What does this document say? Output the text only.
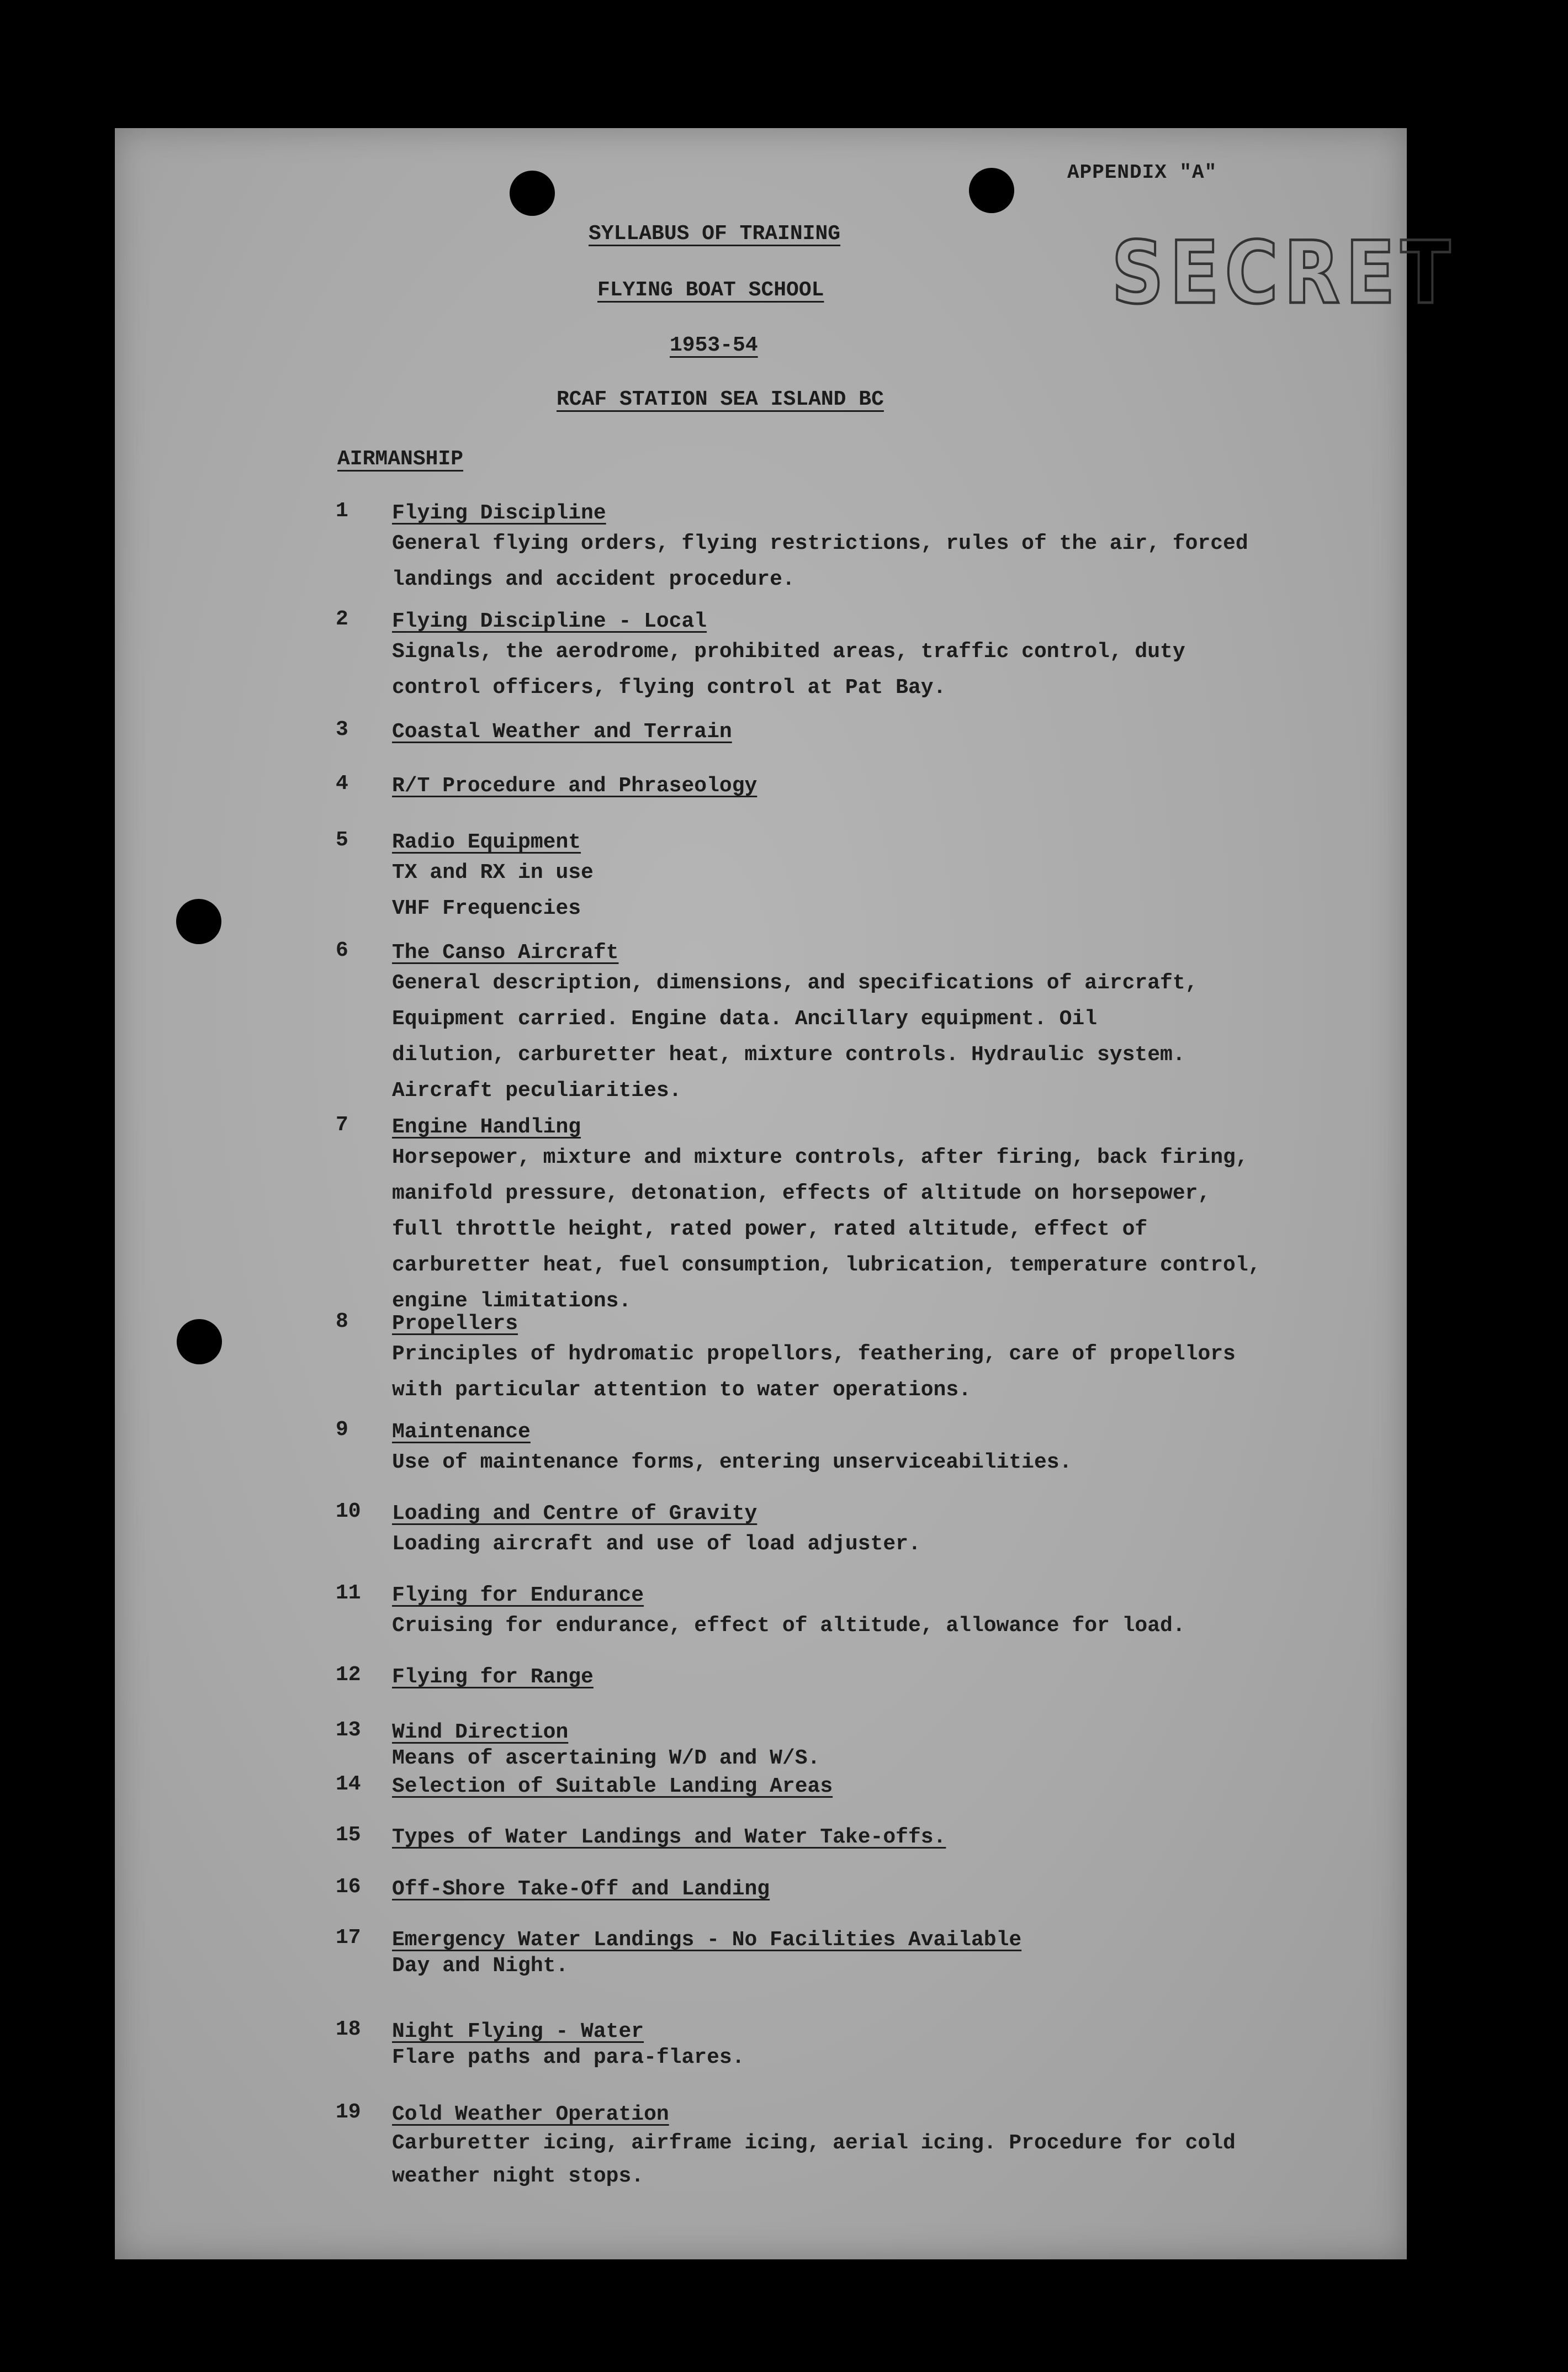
APPENDIX "A"
SECRET
SYLLABUS OF TRAINING
FLYING BOAT SCHOOL
1953-54
RCAF STATION SEA ISLAND BC
AIRMANSHIP
1	Flying Discipline
General flying orders, flying restrictions, rules of the air, forced
landings and accident procedure.
2	Flying Discipline - Local
Signals, the aerodrome, prohibited areas, traffic control, duty
control officers, flying control at Pat Bay.
3	Coastal Weather and Terrain
4	R/T Procedure and Phraseology
5	Radio Equipment
TX and RX in use
VHF Frequencies
6	The Canso Aircraft
General description, dimensions, and specifications of aircraft,
Equipment carried. Engine data. Ancillary equipment. Oil
dilution, carburetter heat, mixture controls. Hydraulic system.
Aircraft peculiarities.
7	Engine Handling
Horsepower, mixture and mixture controls, after firing, back firing,
manifold pressure, detonation, effects of altitude on horsepower,
full throttle height, rated power, rated altitude, effect of
carburetter heat, fuel consumption, lubrication, temperature control,
engine limitations.
8	Propellers
Principles of hydromatic propellors, feathering, care of propellors
with particular attention to water operations.
9	Maintenance
Use of maintenance forms, entering unserviceabilities.
10	Loading and Centre of Gravity
Loading aircraft and use of load adjuster.
11	Flying for Endurance
Cruising for endurance, effect of altitude, allowance for load.
12	Flying for Range
13	Wind Direction
Means of ascertaining W/D and W/S.
14	Selection of Suitable Landing Areas
15	Types of Water Landings and Water Take-offs.
16	Off-Shore Take-Off and Landing
17	Emergency Water Landings - No Facilities Available
Day and Night.
18	Night Flying - Water
Flare paths and para-flares.
19	Cold Weather Operation
Carburetter icing, airframe icing, aerial icing. Procedure for cold
weather night stops.
